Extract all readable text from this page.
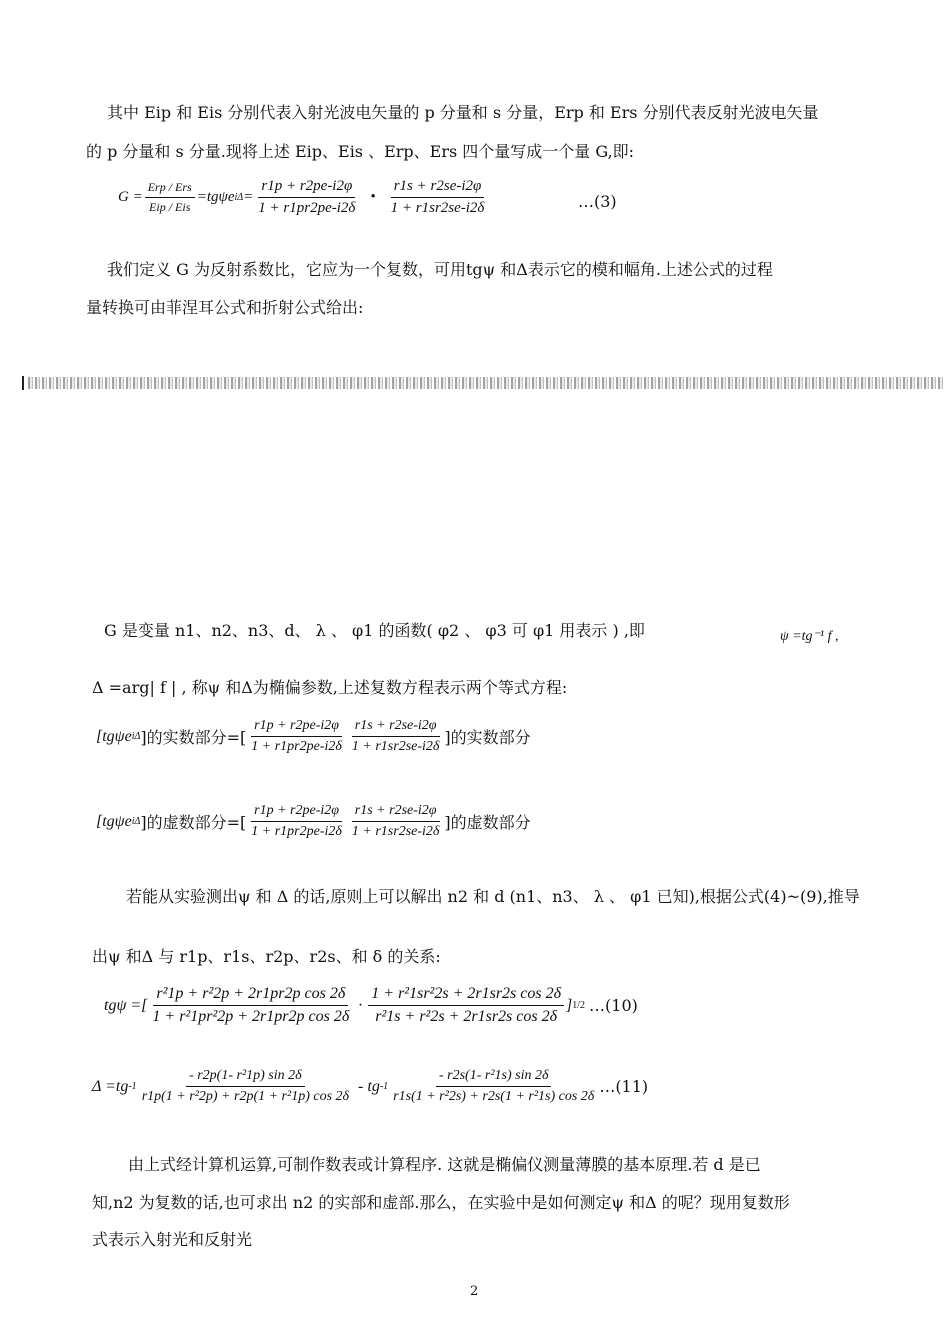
其中 Eip 和 Eis 分别代表入射光波电矢量的 p 分量和 s 分量，Erp 和 Ers 分别代表反射光波电矢量
的 p 分量和 s 分量.现将上述 Eip、Eis 、Erp、Ers 四个量写成一个量 G,即:
$G = \frac{\text{Erp / Ers}}{\text{Eip / Eis}} =tg\psi e$ $i\Delta = \frac{r1p + r2pe-i2\varphi}{1 + r1pr2pe-i2\delta}$ • $\frac{r1s + r2se-i2\varphi}{1 + r1sr2se-i2\delta}$	…(3)
我们定义 G 为反射系数比，它应为一个复数，可用tgψ 和Δ表示它的模和幅角.上述公式的过程
量转换可由菲涅耳公式和折射公式给出:
G 是变量 n1、n2、n3、d、 λ 、 φ1 的函数( φ2 、 φ3 可 φ1 用表示 ) ,即	ψ =tg⁻¹ f ,
Δ =arg| f | , 称ψ 和Δ为椭偏参数,上述复数方程表示两个等式方程:
[tgψe iΔ ]的实数部分=[ $\frac{r1p + r2pe-i2\varphi}{1 + r1pr2pe-i2\delta} \frac{r1s + r2se-i2\varphi}{1 + r1sr2se-i2\delta}$ ]的实数部分
[tgψe iΔ ]的虚数部分=[ $\frac{r1p + r2pe-i2\varphi}{1 + r1pr2pe-i2\delta} \frac{r1s + r2se-i2\varphi}{1 + r1sr2se-i2\delta}$ ]的虚数部分
若能从实验测出ψ 和 Δ 的话,原则上可以解出 n2 和 d (n1、n3、 λ 、 φ1 已知),根据公式(4)~(9),推导
出ψ 和Δ 与 r1p、r1s、r2p、r2s、和 δ 的关系:
tgψ =[ $\frac{\text{r²1p + r²2p + 2r1pr2p cos 2δ}}{\text{1 + r²1pr²2p + 2r1pr2p cos 2δ}} \cdot \frac{\text{1 + r²1sr²2s + 2r1sr2s cos 2δ}}{\text{r²1s + r²2s + 2r1sr2s cos 2δ}}$ ] 1/2 …(10)
Δ =tg $-1 \frac{\text{- r2p(1- r²1p) sin 2δ}}{\text{r1p(1 + r²2p) + r2p(1 + r²1p) cos 2δ}}$ - tg $-1 \frac{\text{- r2s(1- r²1s) sin 2δ}}{\text{r1s(1 + r²2s) + r2s(1 + r²1s) cos 2δ}}$ …(11)
由上式经计算机运算,可制作数表或计算程序. 这就是椭偏仪测量薄膜的基本原理.若 d 是已
知,n2 为复数的话,也可求出 n2 的实部和虚部.那么，在实验中是如何测定ψ 和Δ 的呢？现用复数形
式表示入射光和反射光
2
